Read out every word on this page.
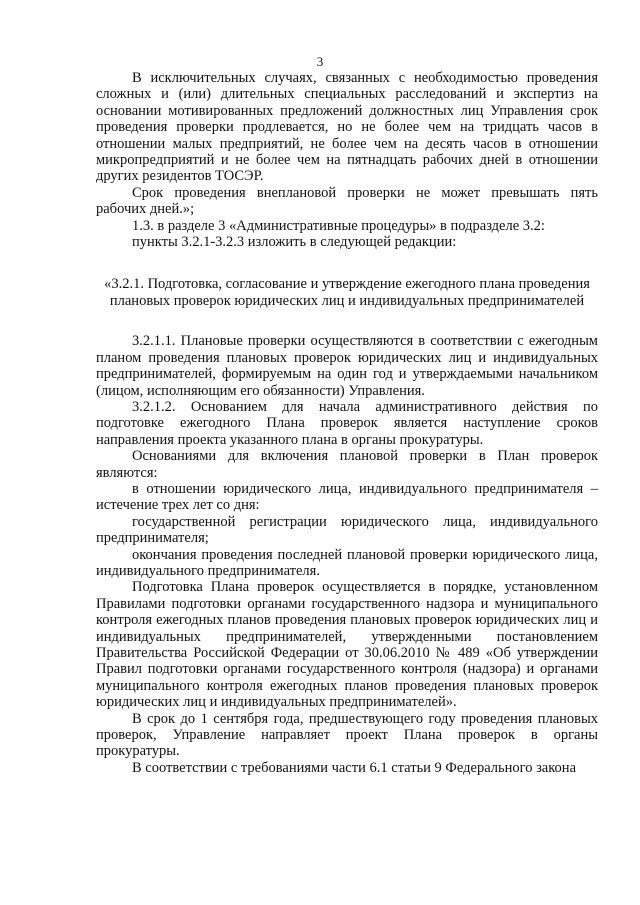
3

В исключительных случаях, связанных с необходимостью проведения сложных и (или) длительных специальных расследований и экспертиз на основании мотивированных предложений должностных лиц Управления срок проведения проверки продлевается, но не более чем на тридцать часов в отношении малых предприятий, не более чем на десять часов в отношении микропредприятий и не более чем на пятнадцать рабочих дней в отношении других резидентов ТОСЭР.

Срок проведения внеплановой проверки не может превышать пять рабочих дней.»;

1.3. в разделе 3 «Административные процедуры» в подразделе 3.2:

пункты 3.2.1-3.2.3 изложить в следующей редакции:

«3.2.1. Подготовка, согласование и утверждение ежегодного плана проведения плановых проверок юридических лиц и индивидуальных предпринимателей

3.2.1.1. Плановые проверки осуществляются в соответствии с ежегодным планом проведения плановых проверок юридических лиц и индивидуальных предпринимателей, формируемым на один год и утверждаемыми начальником (лицом, исполняющим его обязанности) Управления.

3.2.1.2. Основанием для начала административного действия по подготовке ежегодного Плана проверок является наступление сроков направления проекта указанного плана в органы прокуратуры.

Основаниями для включения плановой проверки в План проверок являются:

в отношении юридического лица, индивидуального предпринимателя – истечение трех лет со дня:

государственной регистрации юридического лица, индивидуального предпринимателя;

окончания проведения последней плановой проверки юридического лица, индивидуального предпринимателя.

Подготовка Плана проверок осуществляется в порядке, установленном Правилами подготовки органами государственного надзора и муниципального контроля ежегодных планов проведения плановых проверок юридических лиц и индивидуальных предпринимателей, утвержденными постановлением Правительства Российской Федерации от 30.06.2010 № 489 «Об утверждении Правил подготовки органами государственного контроля (надзора) и органами муниципального контроля ежегодных планов проведения плановых проверок юридических лиц и индивидуальных предпринимателей».

В срок до 1 сентября года, предшествующего году проведения плановых проверок, Управление направляет проект Плана проверок в органы прокуратуры.

В соответствии с требованиями части 6.1 статьи 9 Федерального закона
